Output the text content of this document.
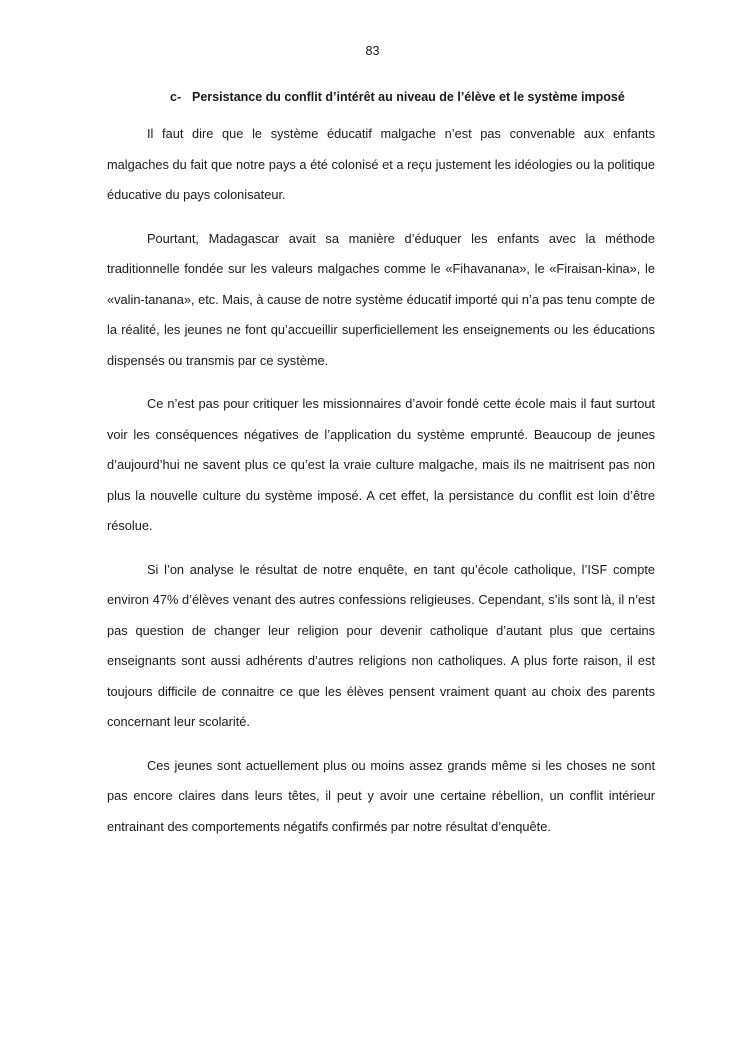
83
c- Persistance du conflit d’intérêt au niveau de l’élève et le système imposé

Il faut dire que le système éducatif malgache n’est pas convenable aux enfants malgaches du fait que notre pays a été colonisé et a reçu justement les idéologies ou la politique éducative du pays colonisateur.

Pourtant, Madagascar avait sa manière d’éduquer les enfants avec la méthode traditionnelle fondée sur les valeurs malgaches comme le «Fihavanana», le «Firaisan-kina», le «valin-tanana», etc. Mais, à cause de notre système éducatif importé qui n’a pas tenu compte de la réalité, les jeunes ne font qu’accueillir superficiellement les enseignements ou les éducations dispensés ou transmis par ce système.

Ce n’est pas pour critiquer les missionnaires d’avoir fondé cette école mais il faut surtout voir les conséquences négatives de l’application du système emprunté. Beaucoup de jeunes d’aujourd’hui ne savent plus ce qu’est la vraie culture malgache, mais ils ne maitrisent pas non plus la nouvelle culture du système imposé. A cet effet, la persistance du conflit est loin d’être résolue.

Si l’on analyse le résultat de notre enquête, en tant qu’école catholique, l’ISF compte environ 47% d’élèves venant des autres confessions religieuses. Cependant, s’ils sont là, il n’est pas question de changer leur religion pour devenir catholique d’autant plus que certains enseignants sont aussi adhérents d’autres religions non catholiques. A plus forte raison, il est toujours difficile de connaitre ce que les élèves pensent vraiment quant au choix des parents concernant leur scolarité.

Ces jeunes sont actuellement plus ou moins assez grands même si les choses ne sont pas encore claires dans leurs têtes, il peut y avoir une certaine rébellion, un conflit intérieur entrainant des comportements négatifs confirmés par notre résultat d’enquête.
